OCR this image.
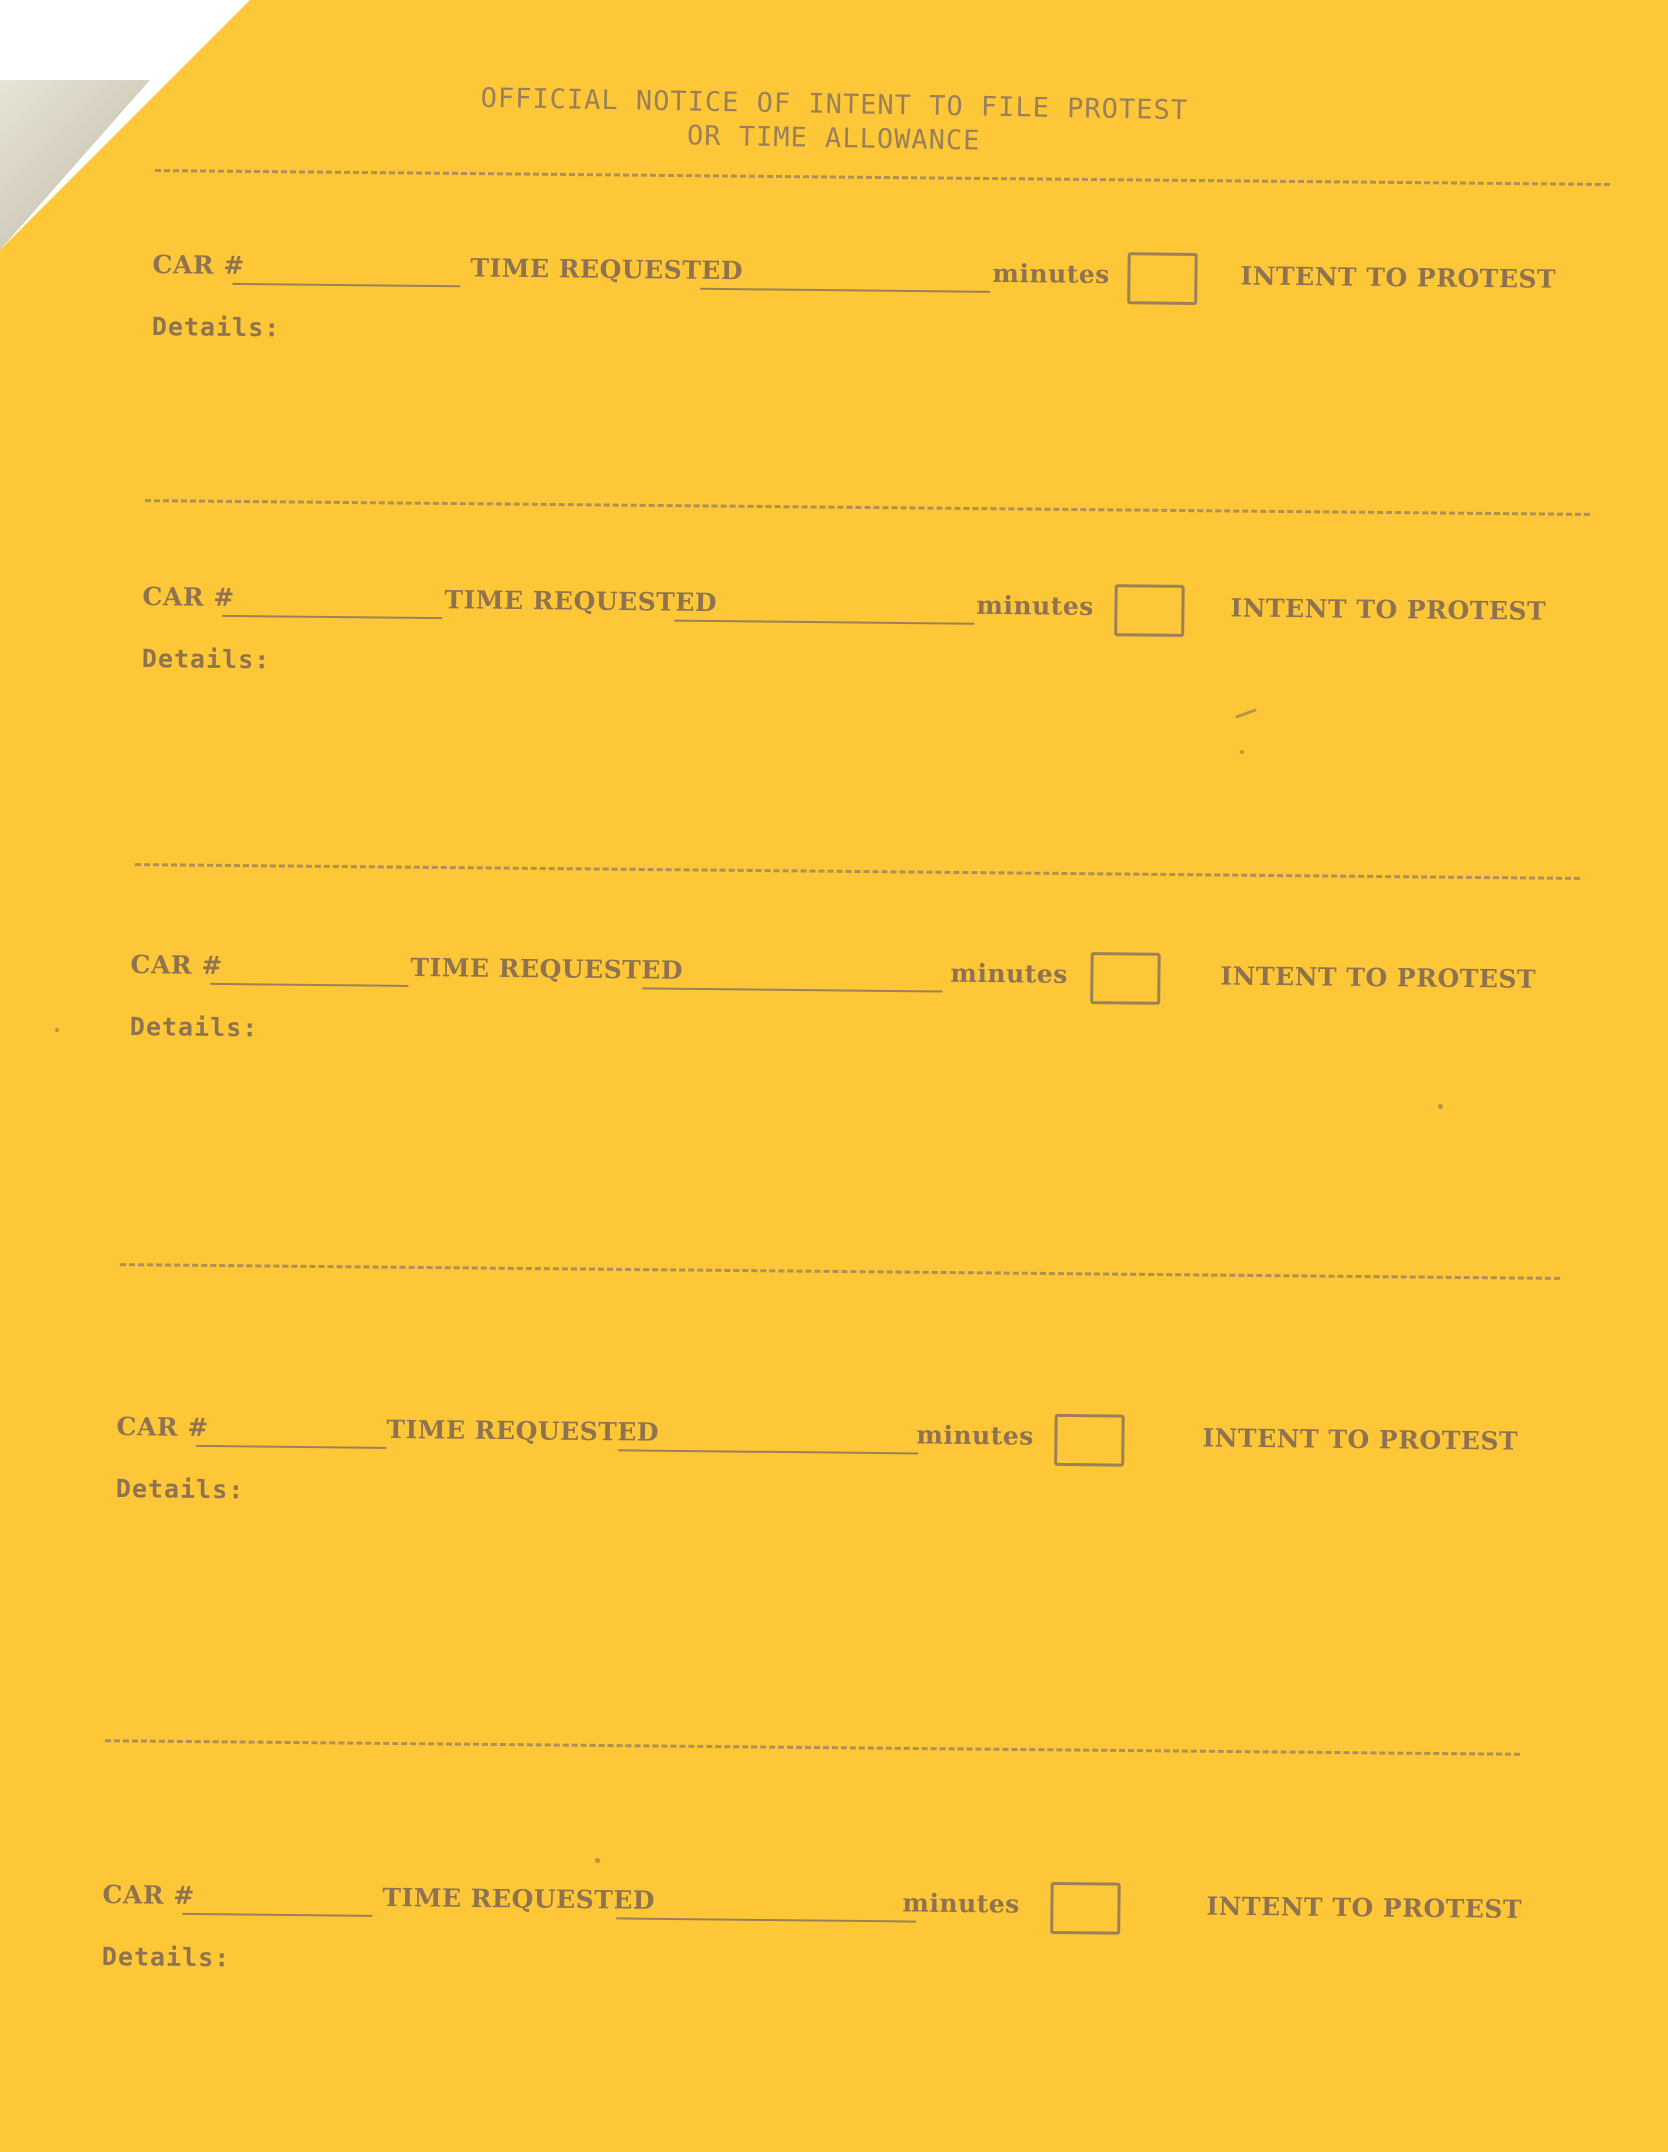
OFFICIAL NOTICE OF INTENT TO FILE PROTEST
OR TIME ALLOWANCE
CAR #	TIME REQUESTED	minutes	INTENT TO PROTEST
Details:
CAR #	TIME REQUESTED	minutes	INTENT TO PROTEST
Details:
CAR #	TIME REQUESTED	minutes	INTENT TO PROTEST
Details:
CAR #	TIME REQUESTED	minutes	INTENT TO PROTEST
Details:
CAR #	TIME REQUESTED	minutes	INTENT TO PROTEST
Details:
